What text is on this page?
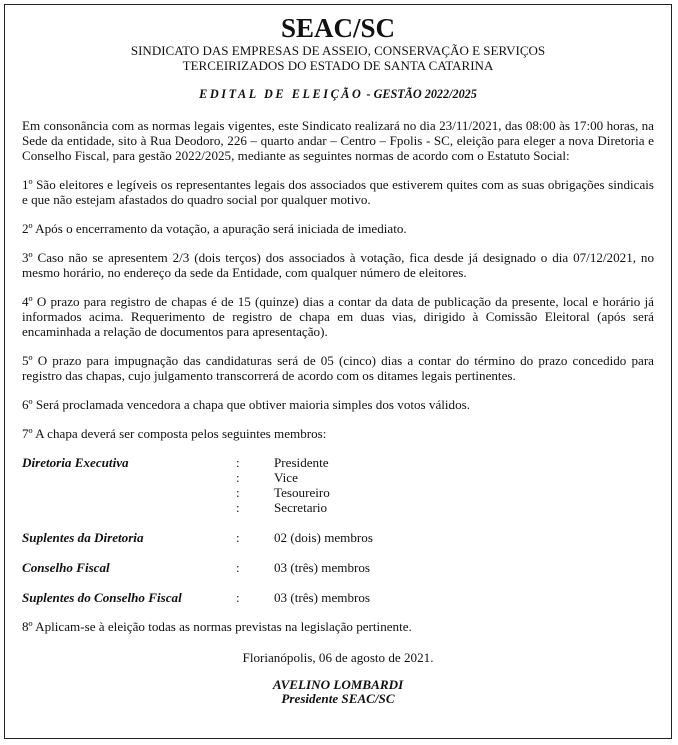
SEAC/SC
SINDICATO DAS EMPRESAS DE ASSEIO, CONSERVAÇÃO E SERVIÇOS
TERCEIRIZADOS DO ESTADO DE SANTA CATARINA
EDITAL DE ELEIÇÃO - GESTÃO 2022/2025

Em consonância com as normas legais vigentes, este Sindicato realizará no dia 23/11/2021, das 08:00 às 17:00 horas, na Sede da entidade, sito à Rua Deodoro, 226 – quarto andar – Centro – Fpolis - SC, eleição para eleger a nova Diretoria e Conselho Fiscal, para gestão 2022/2025, mediante as seguintes normas de acordo com o Estatuto Social:

1º São eleitores e legíveis os representantes legais dos associados que estiverem quites com as suas obrigações sindicais e que não estejam afastados do quadro social por qualquer motivo.

2º Após o encerramento da votação, a apuração será iniciada de imediato.

3º Caso não se apresentem 2/3 (dois terços) dos associados à votação, fica desde já designado o dia 07/12/2021, no mesmo horário, no endereço da sede da Entidade, com qualquer número de eleitores.

4º O prazo para registro de chapas é de 15 (quinze) dias a contar da data de publicação da presente, local e horário já informados acima. Requerimento de registro de chapa em duas vias, dirigido à Comissão Eleitoral (após será encaminhada a relação de documentos para apresentação).

5º O prazo para impugnação das candidaturas será de 05 (cinco) dias a contar do término do prazo concedido para registro das chapas, cujo julgamento transcorrerá de acordo com os ditames legais pertinentes.

6º Será proclamada vencedora a chapa que obtiver maioria simples dos votos válidos.

7º A chapa deverá ser composta pelos seguintes membros:

Diretoria Executiva	:	Presidente
:	Vice
:	Tesoureiro
:	Secretario
Suplentes da Diretoria	:	02 (dois) membros
Conselho Fiscal	:	03 (três) membros
Suplentes do Conselho Fiscal	:	03 (três) membros

8º Aplicam-se à eleição todas as normas previstas na legislação pertinente.

Florianópolis, 06 de agosto de 2021.
AVELINO LOMBARDI
Presidente SEAC/SC
